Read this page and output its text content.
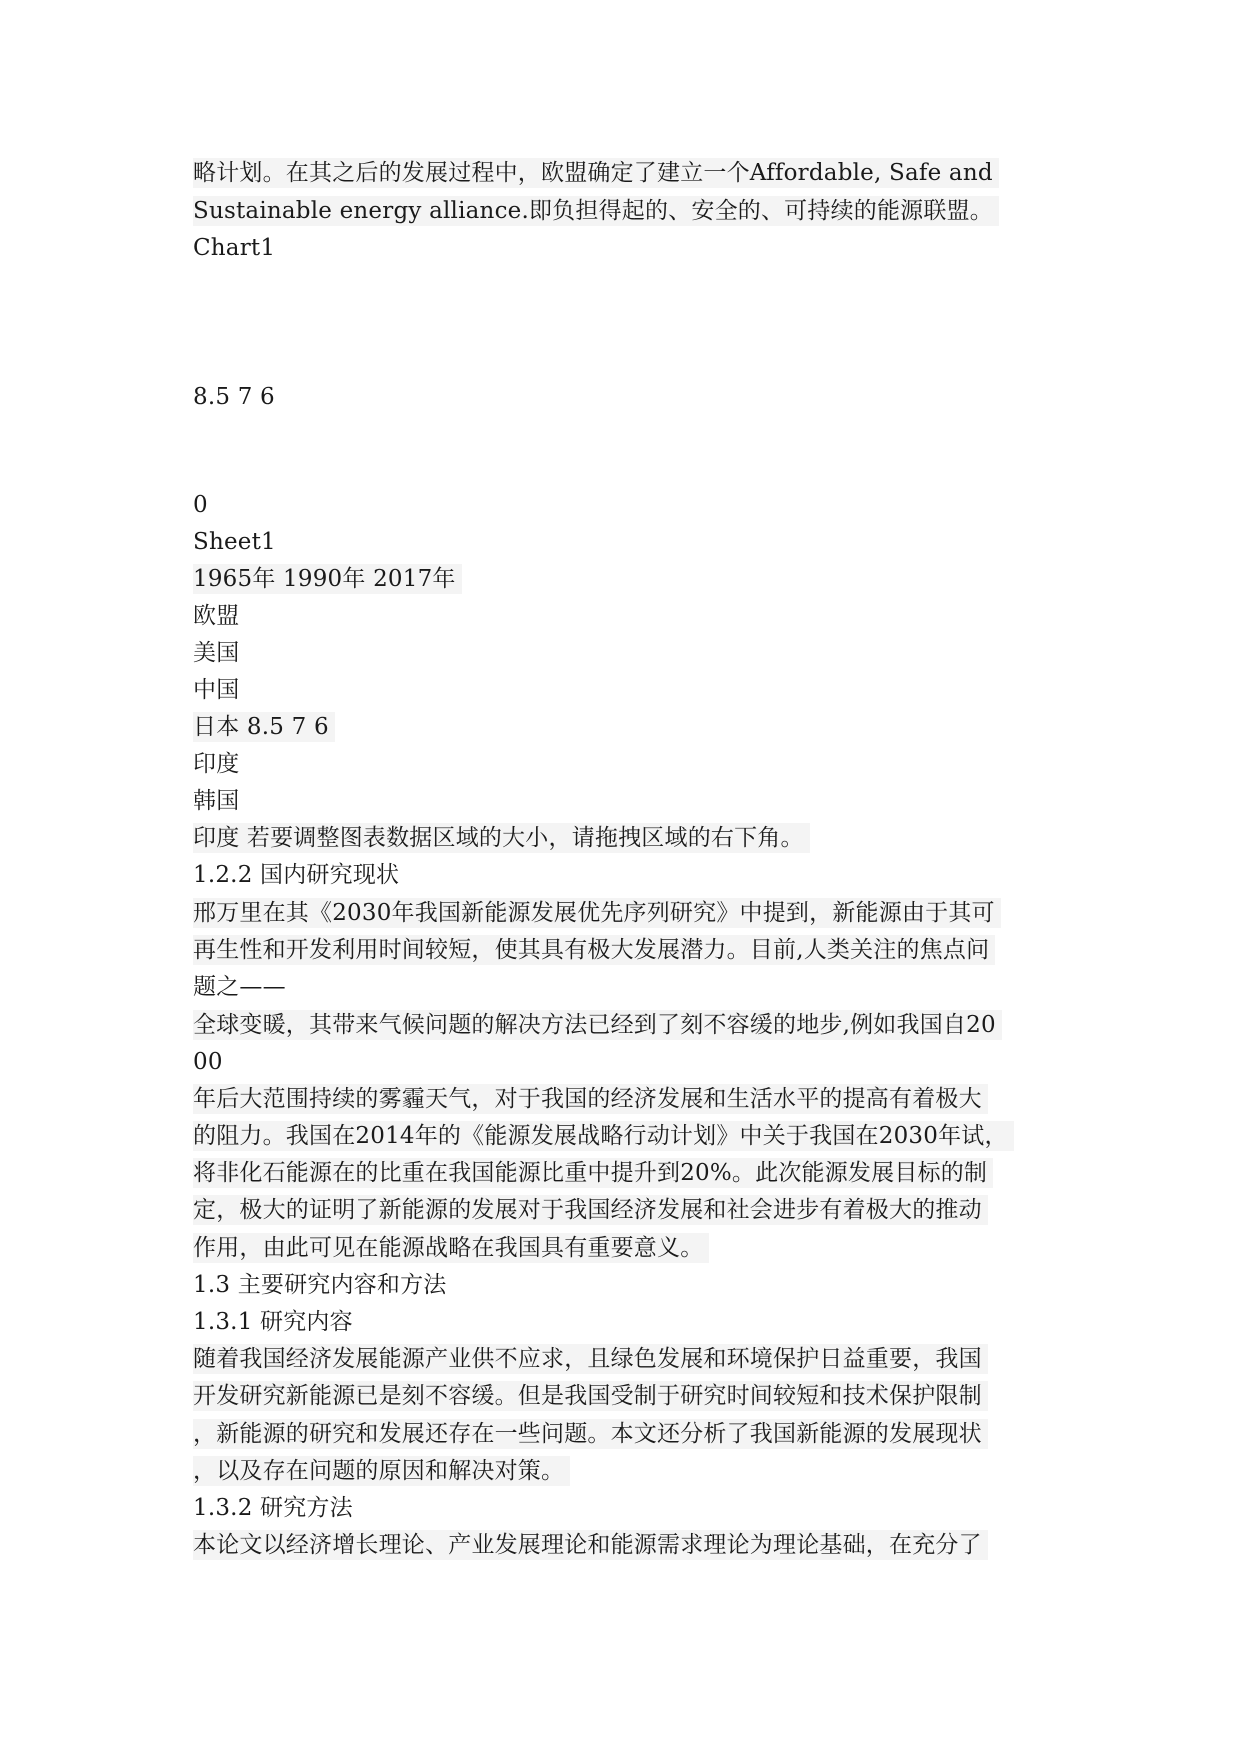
略计划。在其之后的发展过程中，欧盟确定了建立一个Affordable, Safe and
Sustainable energy alliance.即负担得起的、安全的、可持续的能源联盟。
Chart1
8.5 7 6
0
Sheet1
1965年 1990年 2017年
欧盟
美国
中国
日本 8.5 7 6
印度
韩国
印度 若要调整图表数据区域的大小，请拖拽区域的右下角。
1.2.2 国内研究现状
邢万里在其《2030年我国新能源发展优先序列研究》中提到，新能源由于其可
再生性和开发利用时间较短，使其具有极大发展潜力。目前,人类关注的焦点问
题之——
全球变暖，其带来气候问题的解决方法已经到了刻不容缓的地步,例如我国自20
00
年后大范围持续的雾霾天气，对于我国的经济发展和生活水平的提高有着极大
的阻力。我国在2014年的《能源发展战略行动计划》中关于我国在2030年试，
将非化石能源在的比重在我国能源比重中提升到20%。此次能源发展目标的制
定，极大的证明了新能源的发展对于我国经济发展和社会进步有着极大的推动
作用，由此可见在能源战略在我国具有重要意义。
1.3 主要研究内容和方法
1.3.1 研究内容
随着我国经济发展能源产业供不应求，且绿色发展和环境保护日益重要，我国
开发研究新能源已是刻不容缓。但是我国受制于研究时间较短和技术保护限制
，新能源的研究和发展还存在一些问题。本文还分析了我国新能源的发展现状
，以及存在问题的原因和解决对策。
1.3.2 研究方法
本论文以经济增长理论、产业发展理论和能源需求理论为理论基础，在充分了
